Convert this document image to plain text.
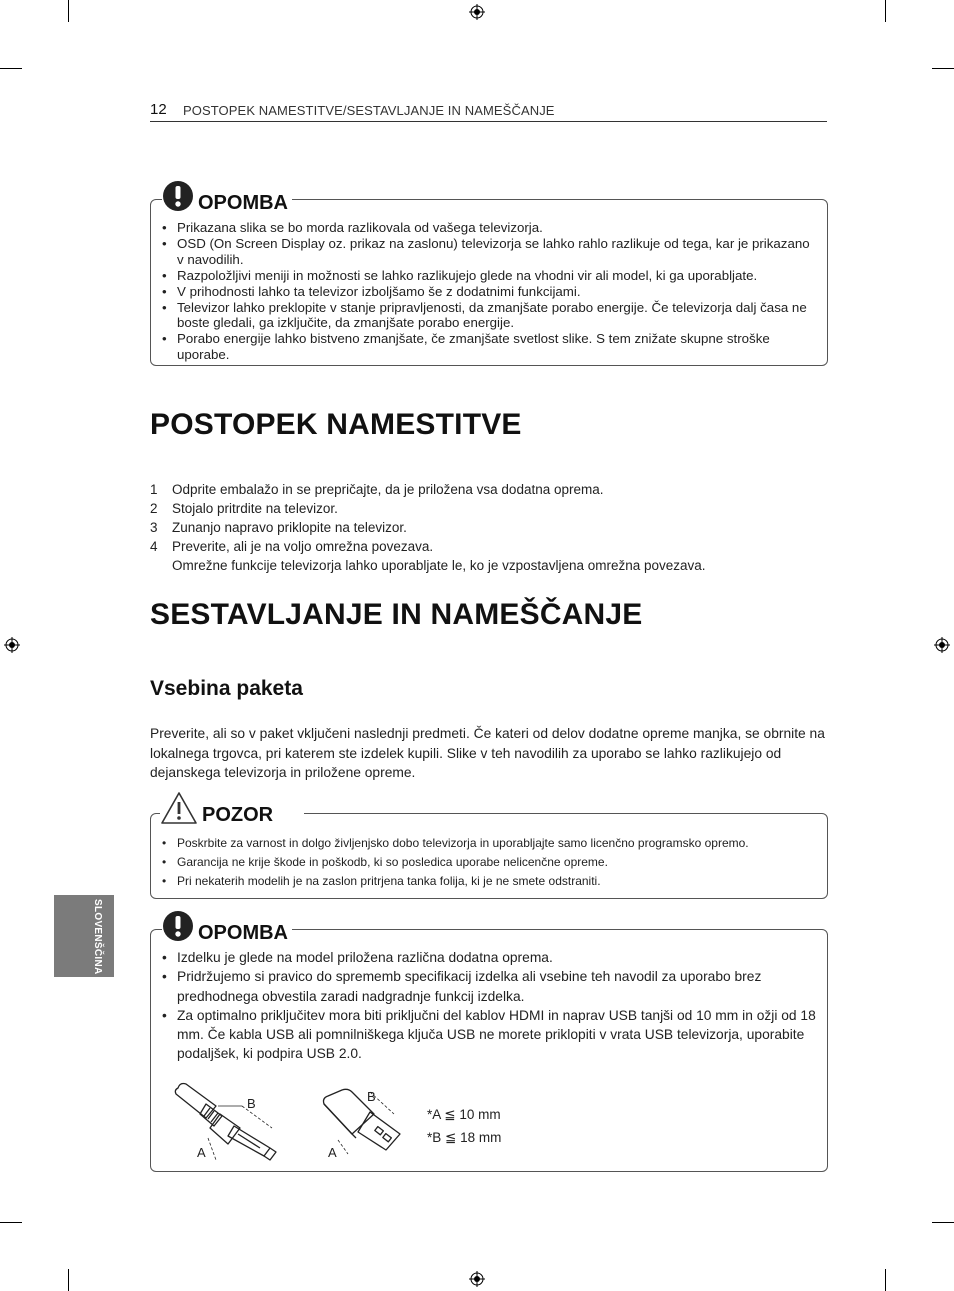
12 POSTOPEK NAMESTITVE/SESTAVLJANJE IN NAMEŠČANJE
OPOMBA
• Prikazana slika se bo morda razlikovala od vašega televizorja.
• OSD (On Screen Display oz. prikaz na zaslonu) televizorja se lahko rahlo razlikuje od tega, kar je prikazano v navodilih.
• Razpoložljivi meniji in možnosti se lahko razlikujejo glede na vhodni vir ali model, ki ga uporabljate.
• V prihodnosti lahko ta televizor izboljšamo še z dodatnimi funkcijami.
• Televizor lahko preklopite v stanje pripravljenosti, da zmanjšate porabo energije. Če televizorja dalj časa ne boste gledali, ga izključite, da zmanjšate porabo energije.
• Porabo energije lahko bistveno zmanjšate, če zmanjšate svetlost slike. S tem znižate skupne stroške uporabe.
POSTOPEK NAMESTITVE
1 Odprite embalažo in se prepričajte, da je priložena vsa dodatna oprema.
2 Stojalo pritrdite na televizor.
3 Zunanjo napravo priklopite na televizor.
4 Preverite, ali je na voljo omrežna povezava.
Omrežne funkcije televizorja lahko uporabljate le, ko je vzpostavljena omrežna povezava.
SESTAVLJANJE IN NAMEŠČANJE
Vsebina paketa

Preverite, ali so v paket vključeni naslednji predmeti. Če kateri od delov dodatne opreme manjka, se obrnite na lokalnega trgovca, pri katerem ste izdelek kupili. Slike v teh navodilih za uporabo se lahko razlikujejo od dejanskega televizorja in priložene opreme.

POZOR
• Poskrbite za varnost in dolgo življenjsko dobo televizorja in uporabljajte samo licenčno programsko opremo.
• Garancija ne krije škode in poškodb, ki so posledica uporabe nelicenčne opreme.
• Pri nekaterih modelih je na zaslon pritrjena tanka folija, ki je ne smete odstraniti.
OPOMBA
• Izdelku je glede na model priložena različna dodatna oprema.
• Pridržujemo si pravico do sprememb specifikacij izdelka ali vsebine teh navodil za uporabo brez predhodnega obvestila zaradi nadgradnje funkcij izdelka.
• Za optimalno priključitev mora biti priključni del kablov HDMI in naprav USB tanjši od 10 mm in ožji od 18 mm. Če kabla USB ali pomnilniškega ključa USB ne morete priklopiti v vrata USB televizorja, uporabite podaljšek, ki podpira USB 2.0.
B
A
B
A
*A ≦ 10 mm
*B ≦ 18 mm
SLOVENŠČINA
